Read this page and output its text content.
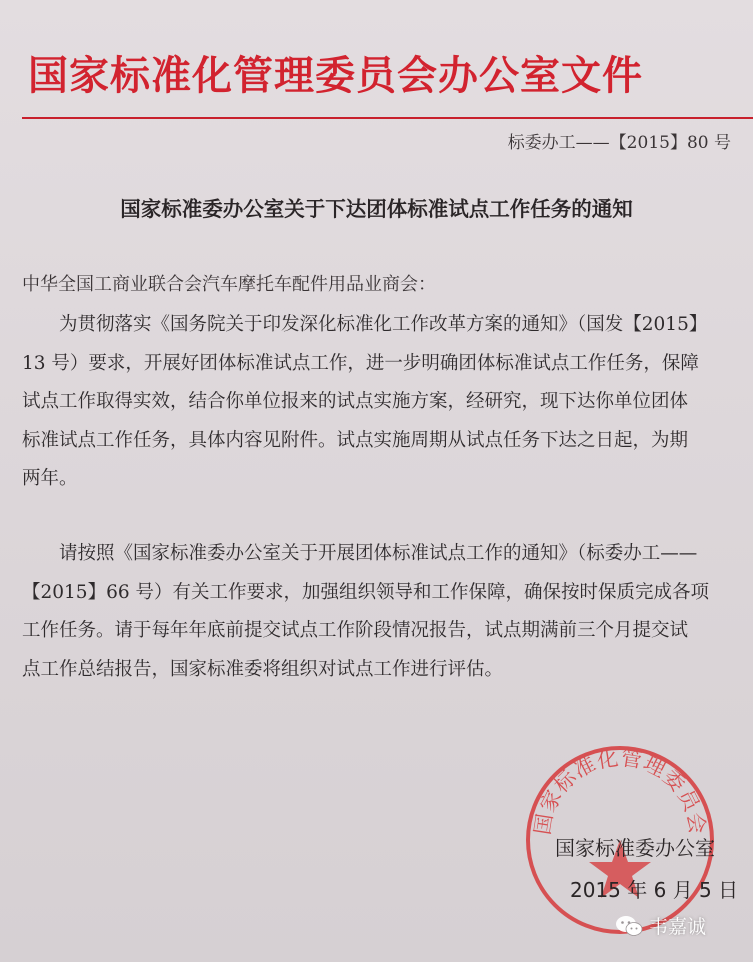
国家标准化管理委员会办公室文件
标委办工——【2015】80 号
国家标准委办公室关于下达团体标准试点工作任务的通知
中华全国工商业联合会汽车摩托车配件用品业商会：
为贯彻落实《国务院关于印发深化标准化工作改革方案的通知》（国发【2015】
13 号）要求，开展好团体标准试点工作，进一步明确团体标准试点工作任务，保障
试点工作取得实效，结合你单位报来的试点实施方案，经研究，现下达你单位团体
标准试点工作任务，具体内容见附件。试点实施周期从试点任务下达之日起，为期
两年。
请按照《国家标准委办公室关于开展团体标准试点工作的通知》（标委办工——
【2015】66 号）有关工作要求，加强组织领导和工作保障，确保按时保质完成各项
工作任务。请于每年年底前提交试点工作阶段情况报告，试点期满前三个月提交试
点工作总结报告，国家标准委将组织对试点工作进行评估。
国家标准化管理委员会
国家标准委办公室
2015 年 6 月 5 日
韦嘉诚
